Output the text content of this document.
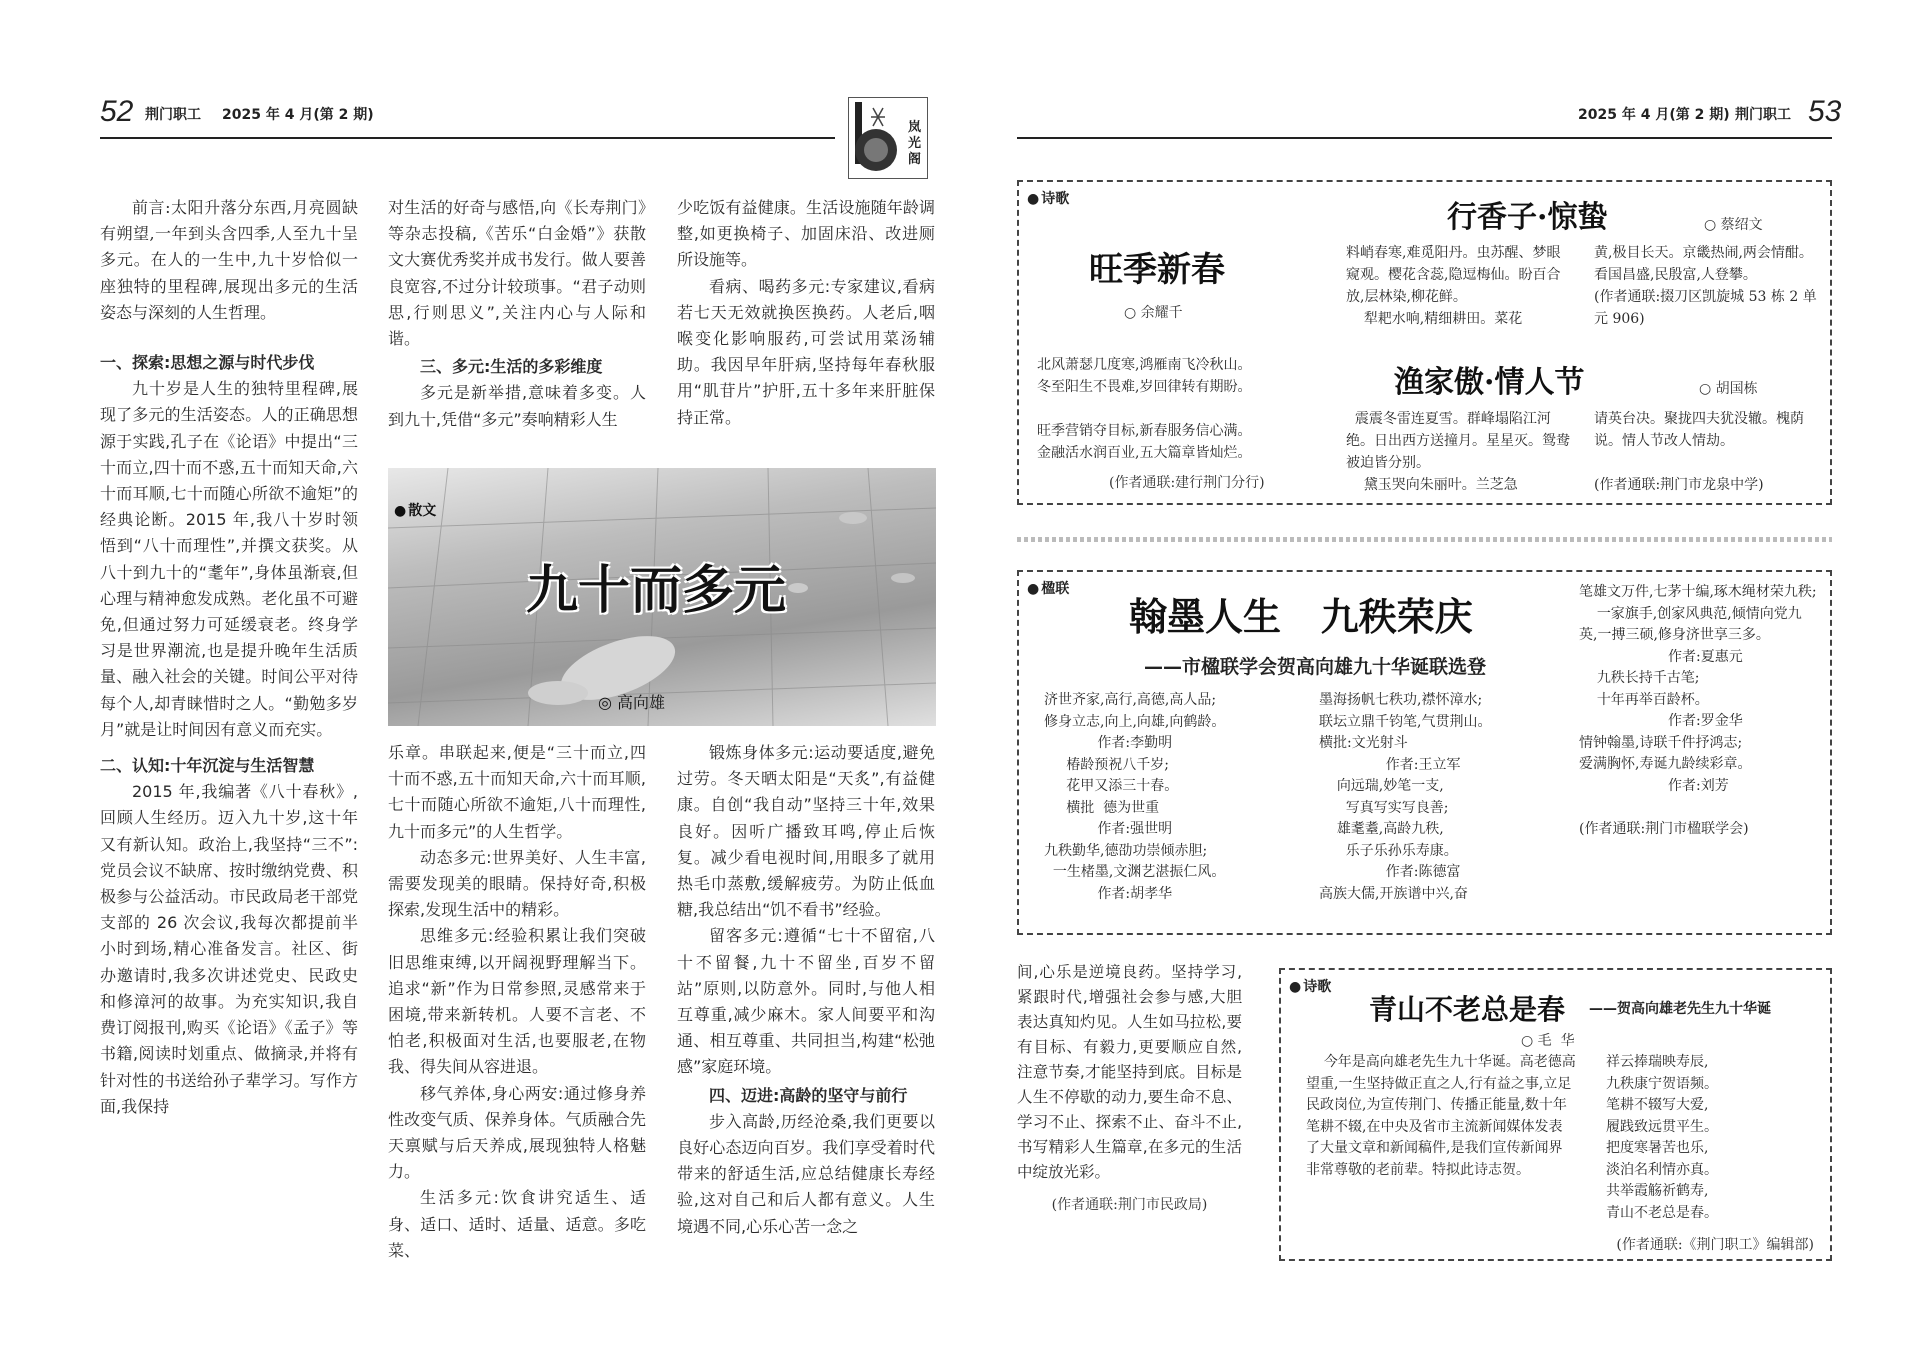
52 荆门职工 2025 年 4 月(第 2 期)
岚光阁
2025 年 4 月(第 2 期) 荆门职工 53

前言:太阳升落分东西,月亮圆缺有朔望,一年到头含四季,人至九十呈多元。在人的一生中,九十岁恰似一座独特的里程碑,展现出多元的生活姿态与深刻的人生哲理。

一、探索:思想之源与时代步伐

九十岁是人生的独特里程碑,展现了多元的生活姿态。人的正确思想源于实践,孔子在《论语》中提出“三十而立,四十而不惑,五十而知天命,六十而耳顺,七十而随心所欲不逾矩”的经典论断。2015 年,我八十岁时领悟到“八十而理性”,并撰文获奖。从八十到九十的“耄年”,身体虽渐衰,但心理与精神愈发成熟。老化虽不可避免,但通过努力可延缓衰老。终身学习是世界潮流,也是提升晚年生活质量、融入社会的关键。时间公平对待每个人,却青睐惜时之人。“勤勉多岁月”就是让时间因有意义而充实。

二、认知:十年沉淀与生活智慧

2015 年,我编著《八十春秋》,回顾人生经历。迈入九十岁,这十年又有新认知。政治上,我坚持“三不”:党员会议不缺席、按时缴纳党费、积极参与公益活动。市民政局老干部党支部的 26 次会议,我每次都提前半小时到场,精心准备发言。社区、街办邀请时,我多次讲述党史、民政史和修漳河的故事。为充实知识,我自费订阅报刊,购买《论语》《孟子》等书籍,阅读时划重点、做摘录,并将有针对性的书送给孙子辈学习。写作方面,我保持

对生活的好奇与感悟,向《长寿荆门》等杂志投稿,《苦乐“白金婚”》获散文大赛优秀奖并成书发行。做人要善良宽容,不过分计较琐事。“君子动则思,行则思义”,关注内心与人际和谐。

三、多元:生活的多彩维度

多元是新举措,意味着多变。人到九十,凭借“多元”奏响精彩人生

少吃饭有益健康。生活设施随年龄调整,如更换椅子、加固床沿、改进厕所设施等。

看病、喝药多元:专家建议,看病若七天无效就换医换药。人老后,咽喉变化影响服药,可尝试用菜汤辅助。我因早年肝病,坚持每年春秋服用“肌苷片”护肝,五十多年来肝脏保持正常。

● 散文
九十而多元
◎ 高向雄

乐章。串联起来,便是“三十而立,四十而不惑,五十而知天命,六十而耳顺,七十而随心所欲不逾矩,八十而理性,九十而多元”的人生哲学。

动态多元:世界美好、人生丰富,需要发现美的眼睛。保持好奇,积极探索,发现生活中的精彩。

思维多元:经验积累让我们突破旧思维束缚,以开阔视野理解当下。追求“新”作为日常参照,灵感常来于困境,带来新转机。人要不言老、不怕老,积极面对生活,也要服老,在物我、得失间从容进退。

移气养体,身心两安:通过修身养性改变气质、保养身体。气质融合先天禀赋与后天养成,展现独特人格魅力。

生活多元:饮食讲究适生、适身、适口、适时、适量、适意。多吃菜、

锻炼身体多元:运动要适度,避免过劳。冬天晒太阳是“天炙”,有益健康。自创“我自动”坚持三十年,效果良好。因听广播致耳鸣,停止后恢复。减少看电视时间,用眼多了就用热毛巾蒸敷,缓解疲劳。为防止低血糖,我总结出“饥不看书”经验。

留客多元:遵循“七十不留宿,八十不留餐,九十不留坐,百岁不留站”原则,以防意外。同时,与他人相互尊重,减少麻木。家人间要平和沟通、相互尊重、共同担当,构建“松弛感”家庭环境。

四、迈进:高龄的坚守与前行

步入高龄,历经沧桑,我们更要以良好心态迈向百岁。我们享受着时代带来的舒适生活,应总结健康长寿经验,这对自己和后人都有意义。人生境遇不同,心乐心苦一念之

● 诗歌
旺季新春
○ 余耀千
北风萧瑟几度寒,鸿雁南飞冷秋山。
冬至阳生不畏难,岁回律转有期盼。

旺季营销夺目标,新春服务信心满。
金融活水润百业,五大篇章皆灿烂。
(作者通联:建行荆门分行)
行香子·惊蛰	○ 蔡绍文
料峭春寒,难觅阳丹。虫苏醒、梦眼窥观。樱花含蕊,隐逗梅仙。盼百合放,层林染,柳花鲜。
犁耙水响,精细耕田。菜花
黄,极目长天。京畿热闹,两会情酣。看国昌盛,民殷富,人登攀。
(作者通联:掇刀区凯旋城 53 栋 2 单元 906)
渔家傲·情人节	○ 胡国栋
震震冬雷连夏雪。群峰塌陷江河绝。日出西方送撞月。星星灭。鸳鸯被迫皆分别。
黛玉哭向朱丽叶。兰芝急
请英台决。聚拢四夫犹没辙。槐荫说。情人节改人情劫。

(作者通联:荆门市龙泉中学)
● 楹联
翰墨人生   九秩荣庆
——市楹联学会贺高向雄九十华诞联选登
济世齐家,高行,高德,高人品;
修身立志,向上,向雄,向鹤龄。
作者:李勤明
椿龄预祝八千岁;
花甲又添三十春。
横批  德为世重
作者:强世明
九秩勤华,德劭功崇倾赤胆;
一生楮墨,文渊艺湛振仁风。
作者:胡孝华
墨海扬帆七秩功,襟怀漳水;
联坛立鼎千钧笔,气贯荆山。
横批:文光射斗
作者:王立军
向远瑞,妙笔一支,
写真写实写良善;
雄耄耋,高龄九秩,
乐子乐孙乐寿康。
作者:陈德富
高族大儒,开族谱中兴,奋
笔雄文万件,七茅十编,琢木绳材荣九秩;
一家旗手,创家风典范,倾情向党九英,一搏三硕,修身济世享三多。
作者:夏惠元
九秩长持千古笔;
十年再举百龄杯。
作者:罗金华
情钟翰墨,诗联千件抒鸿志;
爱满胸怀,寿诞九龄续彩章。
作者:刘芳

(作者通联:荆门市楹联学会)

间,心乐是逆境良药。坚持学习,紧跟时代,增强社会参与感,大胆表达真知灼见。人生如马拉松,要有目标、有毅力,更要顺应自然,注意节奏,才能坚持到底。目标是人生不停歇的动力,要生命不息、学习不止、探索不止、奋斗不止,书写精彩人生篇章,在多元的生活中绽放光彩。

(作者通联:荆门市民政局)

● 诗歌
青山不老总是春 ——贺高向雄老先生九十华诞
○ 毛  华
今年是高向雄老先生九十华诞。高老德高望重,一生坚持做正直之人,行有益之事,立足民政岗位,为宣传荆门、传播正能量,数十年笔耕不辍,在中央及省市主流新闻媒体发表了大量文章和新闻稿件,是我们宣传新闻界非常尊敬的老前辈。特拟此诗志贺。
祥云捧瑞映寿辰,
九秩康宁贺语频。
笔耕不辍写大爱,
履践致远贯平生。
把度寒暑苦也乐,
淡泊名利情亦真。
共举霞觞祈鹤寿,
青山不老总是春。
(作者通联:《荆门职工》编辑部)
